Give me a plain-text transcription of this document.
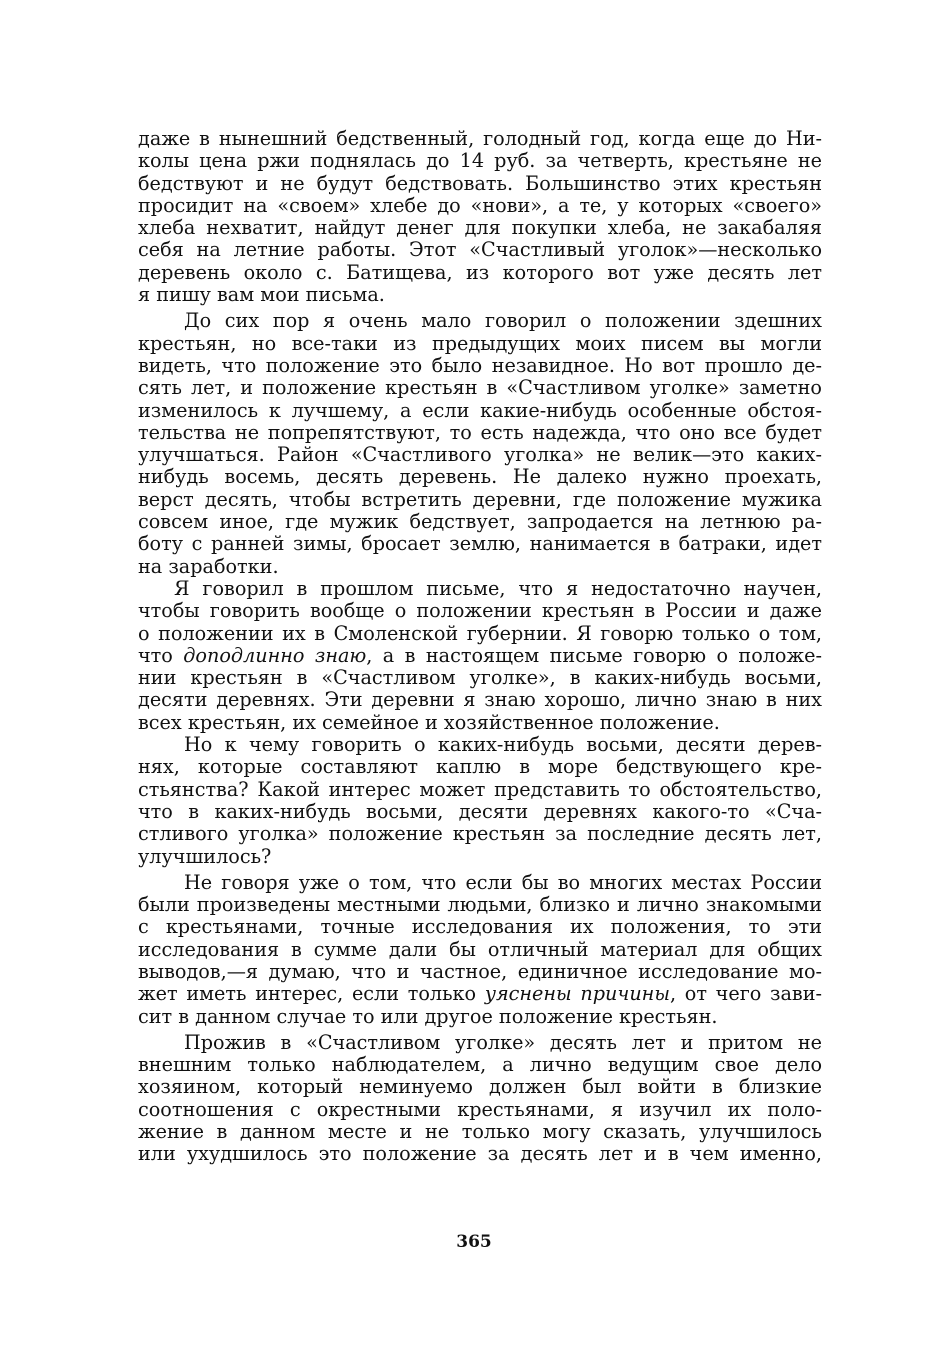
даже в нынешний бедственный, голодный год, когда еще до Ни-
колы цена ржи поднялась до 14 руб. за четверть, крестьяне не
бедствуют и не будут бедствовать. Большинство этих крестьян
просидит на «своем» хлебе до «нови», а те, у которых «своего»
хлеба нехватит, найдут денег для покупки хлеба, не закабаляя
себя на летние работы. Этот «Счастливый уголок»—несколько
деревень около с. Батищева, из которого вот уже десять лет
я пишу вам мои письма.
До сих пор я очень мало говорил о положении здешних
крестьян, но все-таки из предыдущих моих писем вы могли
видеть, что положение это было незавидное. Но вот прошло де-
сять лет, и положение крестьян в «Счастливом уголке» заметно
изменилось к лучшему, а если какие-нибудь особенные обстоя-
тельства не попрепятствуют, то есть надежда, что оно все будет
улучшаться. Район «Счастливого уголка» не велик—это каких-
нибудь восемь, десять деревень. Не далеко нужно проехать,
верст десять, чтобы встретить деревни, где положение мужика
совсем иное, где мужик бедствует, запродается на летнюю ра-
боту с ранней зимы, бросает землю, нанимается в батраки, идет
на заработки.
Я говорил в прошлом письме, что я недостаточно научен,
чтобы говорить вообще о положении крестьян в России и даже
о положении их в Смоленской губернии. Я говорю только о том,
что доподлинно знаю, а в настоящем письме говорю о положе-
нии крестьян в «Счастливом уголке», в каких-нибудь восьми,
десяти деревнях. Эти деревни я знаю хорошо, лично знаю в них
всех крестьян, их семейное и хозяйственное положение.
Но к чему говорить о каких-нибудь восьми, десяти дерев-
нях, которые составляют каплю в море бедствующего кре-
стьянства? Какой интерес может представить то обстоятельство,
что в каких-нибудь восьми, десяти деревнях какого-то «Сча-
стливого уголка» положение крестьян за последние десять лет,
улучшилось?
Не говоря уже о том, что если бы во многих местах России
были произведены местными людьми, близко и лично знакомыми
с крестьянами, точные исследования их положения, то эти
исследования в сумме дали бы отличный материал для общих
выводов,—я думаю, что и частное, единичное исследование мо-
жет иметь интерес, если только уяснены причины, от чего зави-
сит в данном случае то или другое положение крестьян.
Прожив в «Счастливом уголке» десять лет и притом не
внешним только наблюдателем, а лично ведущим свое дело
хозяином, который неминуемо должен был войти в близкие
соотношения с окрестными крестьянами, я изучил их поло-
жение в данном месте и не только могу сказать, улучшилось
или ухудшилось это положение за десять лет и в чем именно,
365
